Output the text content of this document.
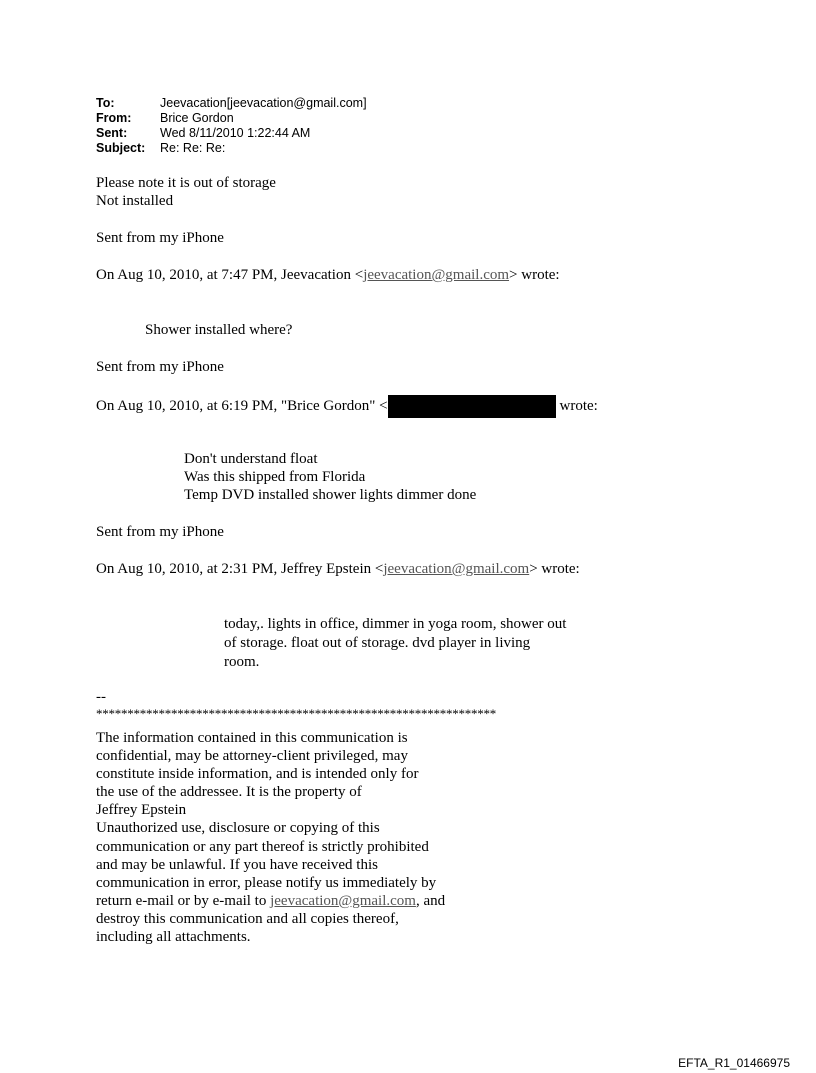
To:	Jeevacation[jeevacation@gmail.com]
From:	Brice Gordon
Sent:	Wed 8/11/2010 1:22:44 AM
Subject:	Re: Re: Re:
Please note it is out of storage
Not installed
Sent from my iPhone
On Aug 10, 2010, at 7:47 PM, Jeevacation <jeevacation@gmail.com> wrote:
Shower installed where?
Sent from my iPhone
On Aug 10, 2010, at 6:19 PM, "Brice Gordon" <	wrote:
Don't understand float
Was this shipped from Florida
Temp DVD installed shower lights dimmer done
Sent from my iPhone
On Aug 10, 2010, at 2:31 PM, Jeffrey Epstein <jeevacation@gmail.com> wrote:
today,. lights in office, dimmer in yoga room, shower out
of storage. float out of storage. dvd player in living
room.
--
****************************************************************
The information contained in this communication is
confidential, may be attorney-client privileged, may
constitute inside information, and is intended only for
the use of the addressee. It is the property of
Jeffrey Epstein
Unauthorized use, disclosure or copying of this
communication or any part thereof is strictly prohibited
and may be unlawful. If you have received this
communication in error, please notify us immediately by
return e-mail or by e-mail to jeevacation@gmail.com, and
destroy this communication and all copies thereof,
including all attachments.
EFTA_R1_01466975
